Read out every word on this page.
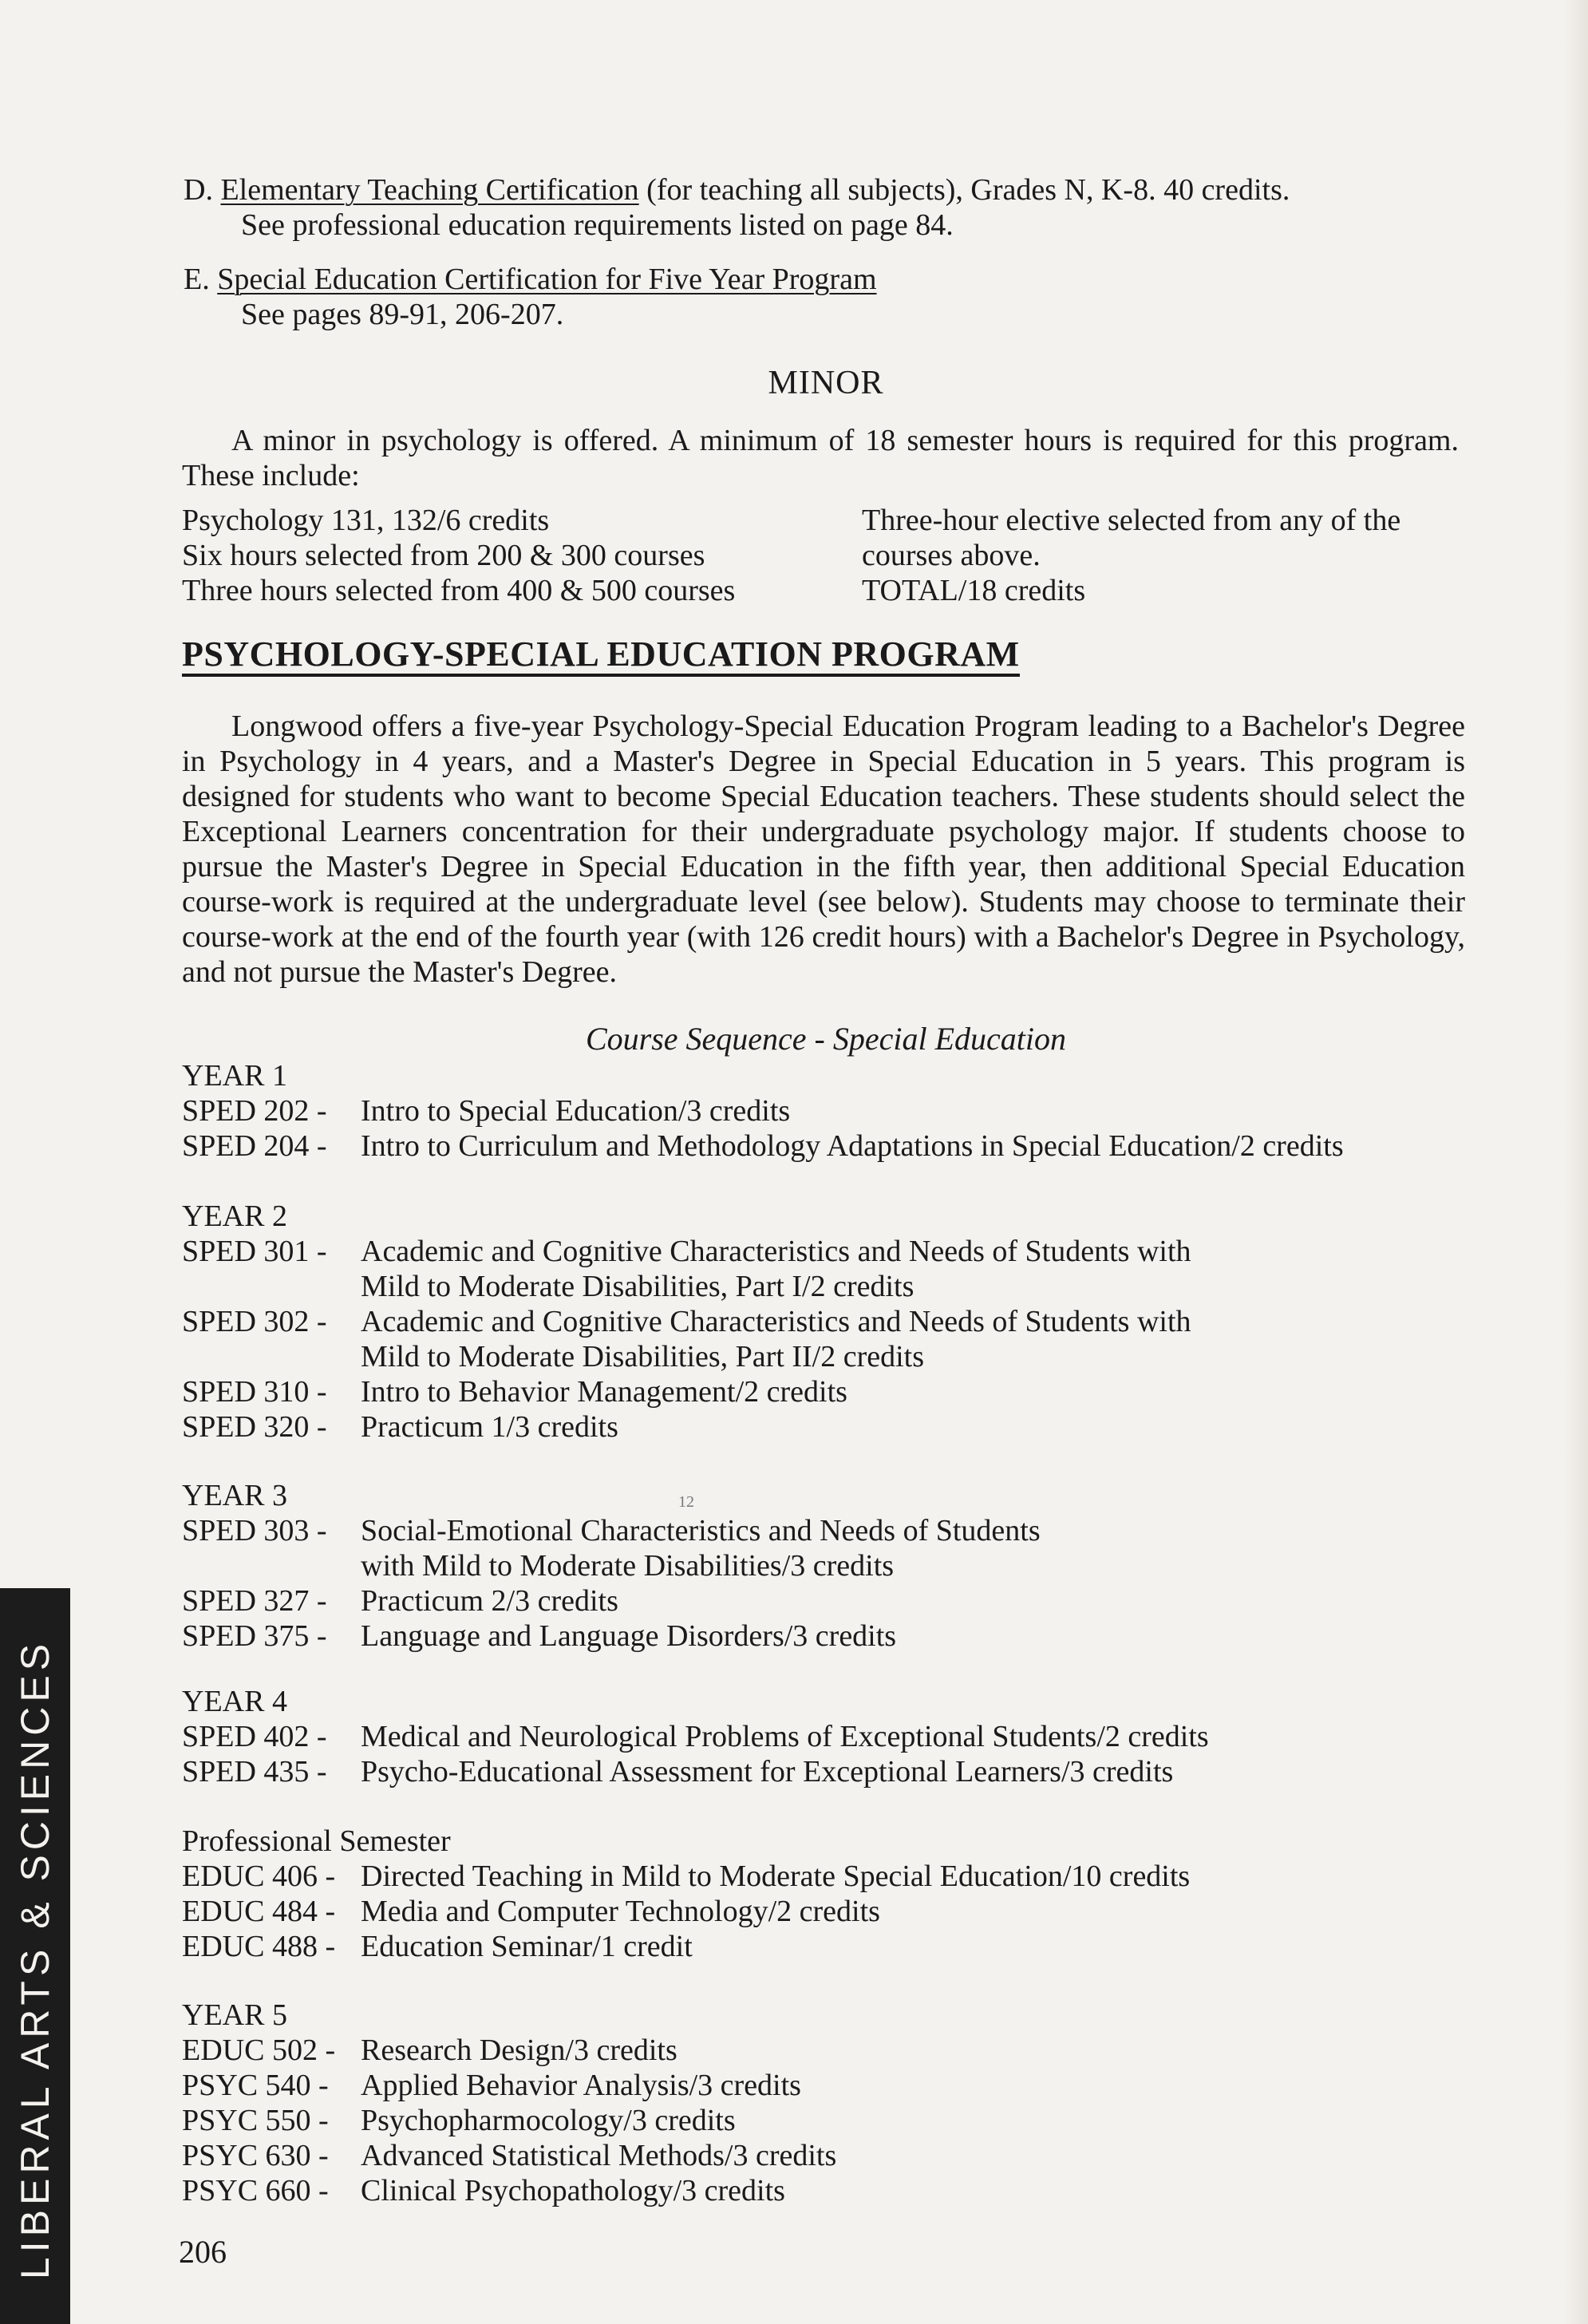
D. Elementary Teaching Certification (for teaching all subjects), Grades N, K-8. 40 credits.
See professional education requirements listed on page 84.
E. Special Education Certification for Five Year Program
See pages 89-91, 206-207.
MINOR
A minor in psychology is offered. A minimum of 18 semester hours is required for this program. These include:
Psychology 131, 132/6 credits
Six hours selected from 200 & 300 courses
Three hours selected from 400 & 500 courses
Three-hour elective selected from any of the
courses above.
TOTAL/18 credits
PSYCHOLOGY-SPECIAL EDUCATION PROGRAM
Longwood offers a five-year Psychology-Special Education Program leading to a Bachelor's Degree in Psychology in 4 years, and a Master's Degree in Special Education in 5 years. This program is designed for students who want to become Special Education teachers. These students should select the Exceptional Learners concentration for their undergraduate psychology major. If students choose to pursue the Master's Degree in Special Education in the fifth year, then additional Special Education course-work is required at the undergraduate level (see below). Students may choose to terminate their course-work at the end of the fourth year (with 126 credit hours) with a Bachelor's Degree in Psychology, and not pursue the Master's Degree.
Course Sequence - Special Education
YEAR 1
SPED 202 -	Intro to Special Education/3 credits
SPED 204 -	Intro to Curriculum and Methodology Adaptations in Special Education/2 credits
YEAR 2
SPED 301 -	Academic and Cognitive Characteristics and Needs of Students with
Mild to Moderate Disabilities, Part I/2 credits
SPED 302 -	Academic and Cognitive Characteristics and Needs of Students with
Mild to Moderate Disabilities, Part II/2 credits
SPED 310 -	Intro to Behavior Management/2 credits
SPED 320 -	Practicum 1/3 credits
12
YEAR 3
SPED 303 -	Social-Emotional Characteristics and Needs of Students
with Mild to Moderate Disabilities/3 credits
SPED 327 -	Practicum 2/3 credits
SPED 375 -	Language and Language Disorders/3 credits
YEAR 4
SPED 402 -	Medical and Neurological Problems of Exceptional Students/2 credits
SPED 435 -	Psycho-Educational Assessment for Exceptional Learners/3 credits
Professional Semester
EDUC 406 - Directed Teaching in Mild to Moderate Special Education/10 credits
EDUC 484 - Media and Computer Technology/2 credits
EDUC 488 - Education Seminar/1 credit
YEAR 5
EDUC 502 - Research Design/3 credits
PSYC 540 -	Applied Behavior Analysis/3 credits
PSYC 550 -	Psychopharmocology/3 credits
PSYC 630 -	Advanced Statistical Methods/3 credits
PSYC 660 -	Clinical Psychopathology/3 credits
206
LIBERAL ARTS & SCIENCES
